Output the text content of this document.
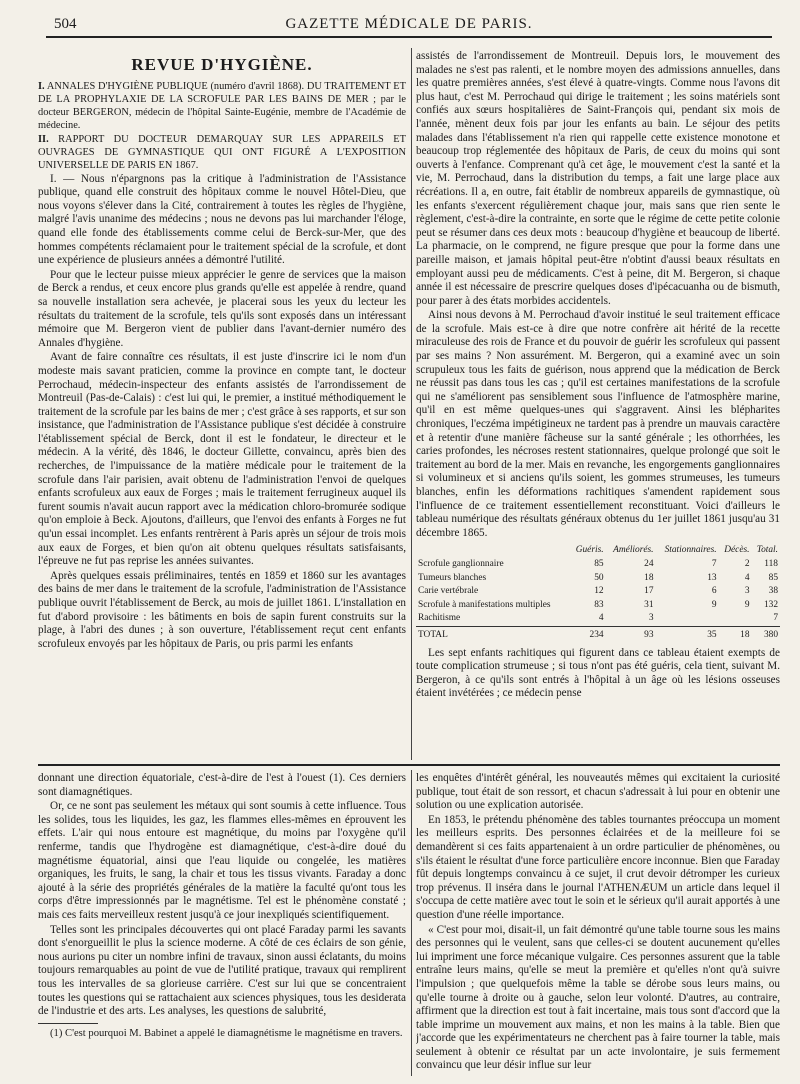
504	GAZETTE MÉDICALE DE PARIS.
REVUE D'HYGIÈNE.

I. ANNALES D'HYGIÈNE PUBLIQUE (numéro d'avril 1868). DU TRAITEMENT ET DE LA PROPHYLAXIE DE LA SCROFULE PAR LES BAINS DE MER ; par le docteur BERGERON, médecin de l'hôpital Sainte-Eugénie, membre de l'Académie de médecine.

II. RAPPORT DU DOCTEUR DEMARQUAY SUR LES APPAREILS ET OUVRAGES DE GYMNASTIQUE QUI ONT FIGURÉ A L'EXPOSITION UNIVERSELLE DE PARIS EN 1867.

I. — Nous n'épargnons pas la critique à l'administration de l'Assistance publique, quand elle construit des hôpitaux comme le nouvel Hôtel-Dieu, que nous voyons s'élever dans la Cité, contrairement à toutes les règles de l'hygiène, malgré l'avis unanime des médecins ; nous ne devons pas lui marchander l'éloge, quand elle fonde des établissements comme celui de Berck-sur-Mer, que des hommes compétents réclamaient pour le traitement spécial de la scrofule, et dont une expérience de plusieurs années a démontré l'utilité.

Pour que le lecteur puisse mieux apprécier le genre de services que la maison de Berck a rendus, et ceux encore plus grands qu'elle est appelée à rendre, quand sa nouvelle installation sera achevée, je placerai sous les yeux du lecteur les résultats du traitement de la scrofule, tels qu'ils sont exposés dans un intéressant mémoire que M. Bergeron vient de publier dans l'avant-dernier numéro des Annales d'hygiène.

Avant de faire connaître ces résultats, il est juste d'inscrire ici le nom d'un modeste mais savant praticien, comme la province en compte tant, le docteur Perrochaud, médecin-inspecteur des enfants assistés de l'arrondissement de Montreuil (Pas-de-Calais) : c'est lui qui, le premier, a institué méthodiquement le traitement de la scrofule par les bains de mer ; c'est grâce à ses rapports, et sur son insistance, que l'administration de l'Assistance publique s'est décidée à construire l'établissement spécial de Berck, dont il est le fondateur, le directeur et le médecin. A la vérité, dès 1846, le docteur Gillette, convaincu, après bien des recherches, de l'impuissance de la matière médicale pour le traitement de la scrofule dans l'air parisien, avait obtenu de l'administration l'envoi de quelques enfants scrofuleux aux eaux de Forges ; mais le traitement ferrugineux auquel ils furent soumis n'avait aucun rapport avec la médication chloro-bromurée sodique qu'on emploie à Beck. Ajoutons, d'ailleurs, que l'envoi des enfants à Forges ne fut qu'un essai incomplet. Les enfants rentrèrent à Paris après un séjour de trois mois aux eaux de Forges, et bien qu'on ait obtenu quelques résultats satisfaisants, l'épreuve ne fut pas reprise les années suivantes.

Après quelques essais préliminaires, tentés en 1859 et 1860 sur les avantages des bains de mer dans le traitement de la scrofule, l'administration de l'Assistance publique ouvrit l'établissement de Berck, au mois de juillet 1861. L'installation en fut d'abord provisoire : les bâtiments en bois de sapin furent construits sur la plage, à l'abri des dunes ; à son ouverture, l'établissement reçut cent enfants scrofuleux envoyés par les hôpitaux de Paris, ou pris parmi les enfants

assistés de l'arrondissement de Montreuil. Depuis lors, le mouvement des malades ne s'est pas ralenti, et le nombre moyen des admissions annuelles, dans les quatre premières années, s'est élevé à quatre-vingts. Comme nous l'avons dit plus haut, c'est M. Perrochaud qui dirige le traitement ; les soins matériels sont confiés aux sœurs hospitalières de Saint-François qui, pendant six mois de l'année, mènent deux fois par jour les enfants au bain. Le séjour des petits malades dans l'établissement n'a rien qui rappelle cette existence monotone et beaucoup trop réglementée des hôpitaux de Paris, de ceux du moins qui sont ouverts à l'enfance. Comprenant qu'à cet âge, le mouvement c'est la santé et la vie, M. Perrochaud, dans la distribution du temps, a fait une large place aux récréations. Il a, en outre, fait établir de nombreux appareils de gymnastique, où les enfants s'exercent régulièrement chaque jour, mais sans que rien sente le règlement, c'est-à-dire la contrainte, en sorte que le régime de cette petite colonie peut se résumer dans ces deux mots : beaucoup d'hygiène et beaucoup de liberté. La pharmacie, on le comprend, ne figure presque que pour la forme dans une pareille maison, et jamais hôpital peut-être n'obtint d'aussi beaux résultats en employant aussi peu de médicaments. C'est à peine, dit M. Bergeron, si chaque année il est nécessaire de prescrire quelques doses d'ipécacuanha ou de bismuth, pour parer à des états morbides accidentels.

Ainsi nous devons à M. Perrochaud d'avoir institué le seul traitement efficace de la scrofule. Mais est-ce à dire que notre confrère ait hérité de la recette miraculeuse des rois de France et du pouvoir de guérir les scrofuleux qui passent par ses mains ? Non assurément. M. Bergeron, qui a examiné avec un soin scrupuleux tous les faits de guérison, nous apprend que la médication de Berck ne réussit pas dans tous les cas ; qu'il est certaines manifestations de la scrofule qui ne s'améliorent pas sensiblement sous l'influence de l'atmosphère marine, qu'il en est même quelques-unes qui s'aggravent. Ainsi les blépharites chroniques, l'eczéma impétigineux ne tardent pas à prendre un mauvais caractère et à retentir d'une manière fâcheuse sur la santé générale ; les othorrhées, les caries profondes, les nécroses restent stationnaires, quelque prolongé que soit le traitement au bord de la mer. Mais en revanche, les engorgements ganglionnaires si volumineux et si anciens qu'ils soient, les gommes strumeuses, les tumeurs blanches, enfin les déformations rachitiques s'amendent rapidement sous l'influence de ce traitement essentiellement reconstituant. Voici d'ailleurs le tableau numérique des résultats généraux obtenus du 1er juillet 1861 jusqu'au 31 décembre 1865.

	Guéris.	Améliorés.	Stationnaires.	Décès.	Total.
Scrofule ganglionnaire	85	24	7	2	118
Tumeurs blanches	50	18	13	4	85
Carie vertébrale	12	17	6	3	38
Scrofule à manifestations multiples	83	31	9	9	132
Rachitisme	4	3			7
TOTAL	234	93	35	18	380

Les sept enfants rachitiques qui figurent dans ce tableau étaient exempts de toute complication strumeuse ; si tous n'ont pas été guéris, cela tient, suivant M. Bergeron, à ce qu'ils sont entrés à l'hôpital à un âge où les lésions osseuses étaient invétérées ; ce médecin pense

donnant une direction équatoriale, c'est-à-dire de l'est à l'ouest (1). Ces derniers sont diamagnétiques.

Or, ce ne sont pas seulement les métaux qui sont soumis à cette influence. Tous les solides, tous les liquides, les gaz, les flammes elles-mêmes en éprouvent les effets. L'air qui nous entoure est magnétique, du moins par l'oxygène qu'il renferme, tandis que l'hydrogène est diamagnétique, c'est-à-dire doué du magnétisme équatorial, ainsi que l'eau liquide ou congelée, les matières organiques, les fruits, le sang, la chair et tous les tissus vivants. Faraday a donc ajouté à la série des propriétés générales de la matière la faculté qu'ont tous les corps d'être impressionnés par le magnétisme. Tel est le phénomène constaté ; mais ces faits merveilleux restent jusqu'à ce jour inexpliqués scientifiquement.

Telles sont les principales découvertes qui ont placé Faraday parmi les savants dont s'enorgueillit le plus la science moderne. A côté de ces éclairs de son génie, nous aurions pu citer un nombre infini de travaux, sinon aussi éclatants, du moins toujours remarquables au point de vue de l'utilité pratique, travaux qui remplirent tous les intervalles de sa glorieuse carrière. C'est sur lui que se concentraient toutes les questions qui se rattachaient aux sciences physiques, tous les desiderata de l'industrie et des arts. Les analyses, les questions de salubrité,

(1) C'est pourquoi M. Babinet a appelé le diamagnétisme le magnétisme en travers.

les enquêtes d'intérêt général, les nouveautés mêmes qui excitaient la curiosité publique, tout était de son ressort, et chacun s'adressait à lui pour en obtenir une solution ou une explication autorisée.

En 1853, le prétendu phénomène des tables tournantes préoccupa un moment les meilleurs esprits. Des personnes éclairées et de la meilleure foi se demandèrent si ces faits appartenaient à un ordre particulier de phénomènes, ou s'ils étaient le résultat d'une force particulière encore inconnue. Bien que Faraday fût depuis longtemps convaincu à ce sujet, il crut devoir détromper les curieux trop prévenus. Il inséra dans le journal l'ATHENÆUM un article dans lequel il s'occupa de cette matière avec tout le soin et le sérieux qu'il aurait apportés à une question d'une réelle importance.

« C'est pour moi, disait-il, un fait démontré qu'une table tourne sous les mains des personnes qui le veulent, sans que celles-ci se doutent aucunement qu'elles lui impriment une force mécanique vulgaire. Ces personnes assurent que la table entraîne leurs mains, qu'elle se meut la première et qu'elles n'ont qu'à suivre l'impulsion ; que quelquefois même la table se dérobe sous leurs mains, ou qu'elle tourne à droite ou à gauche, selon leur volonté. D'autres, au contraire, affirment que la direction est tout à fait incertaine, mais tous sont d'accord que la table imprime un mouvement aux mains, et non les mains à la table. Bien que j'accorde que les expérimentateurs ne cherchent pas à faire tourner la table, mais seulement à obtenir ce résultat par un acte involontaire, je suis fermement convaincu que leur désir influe sur leur
